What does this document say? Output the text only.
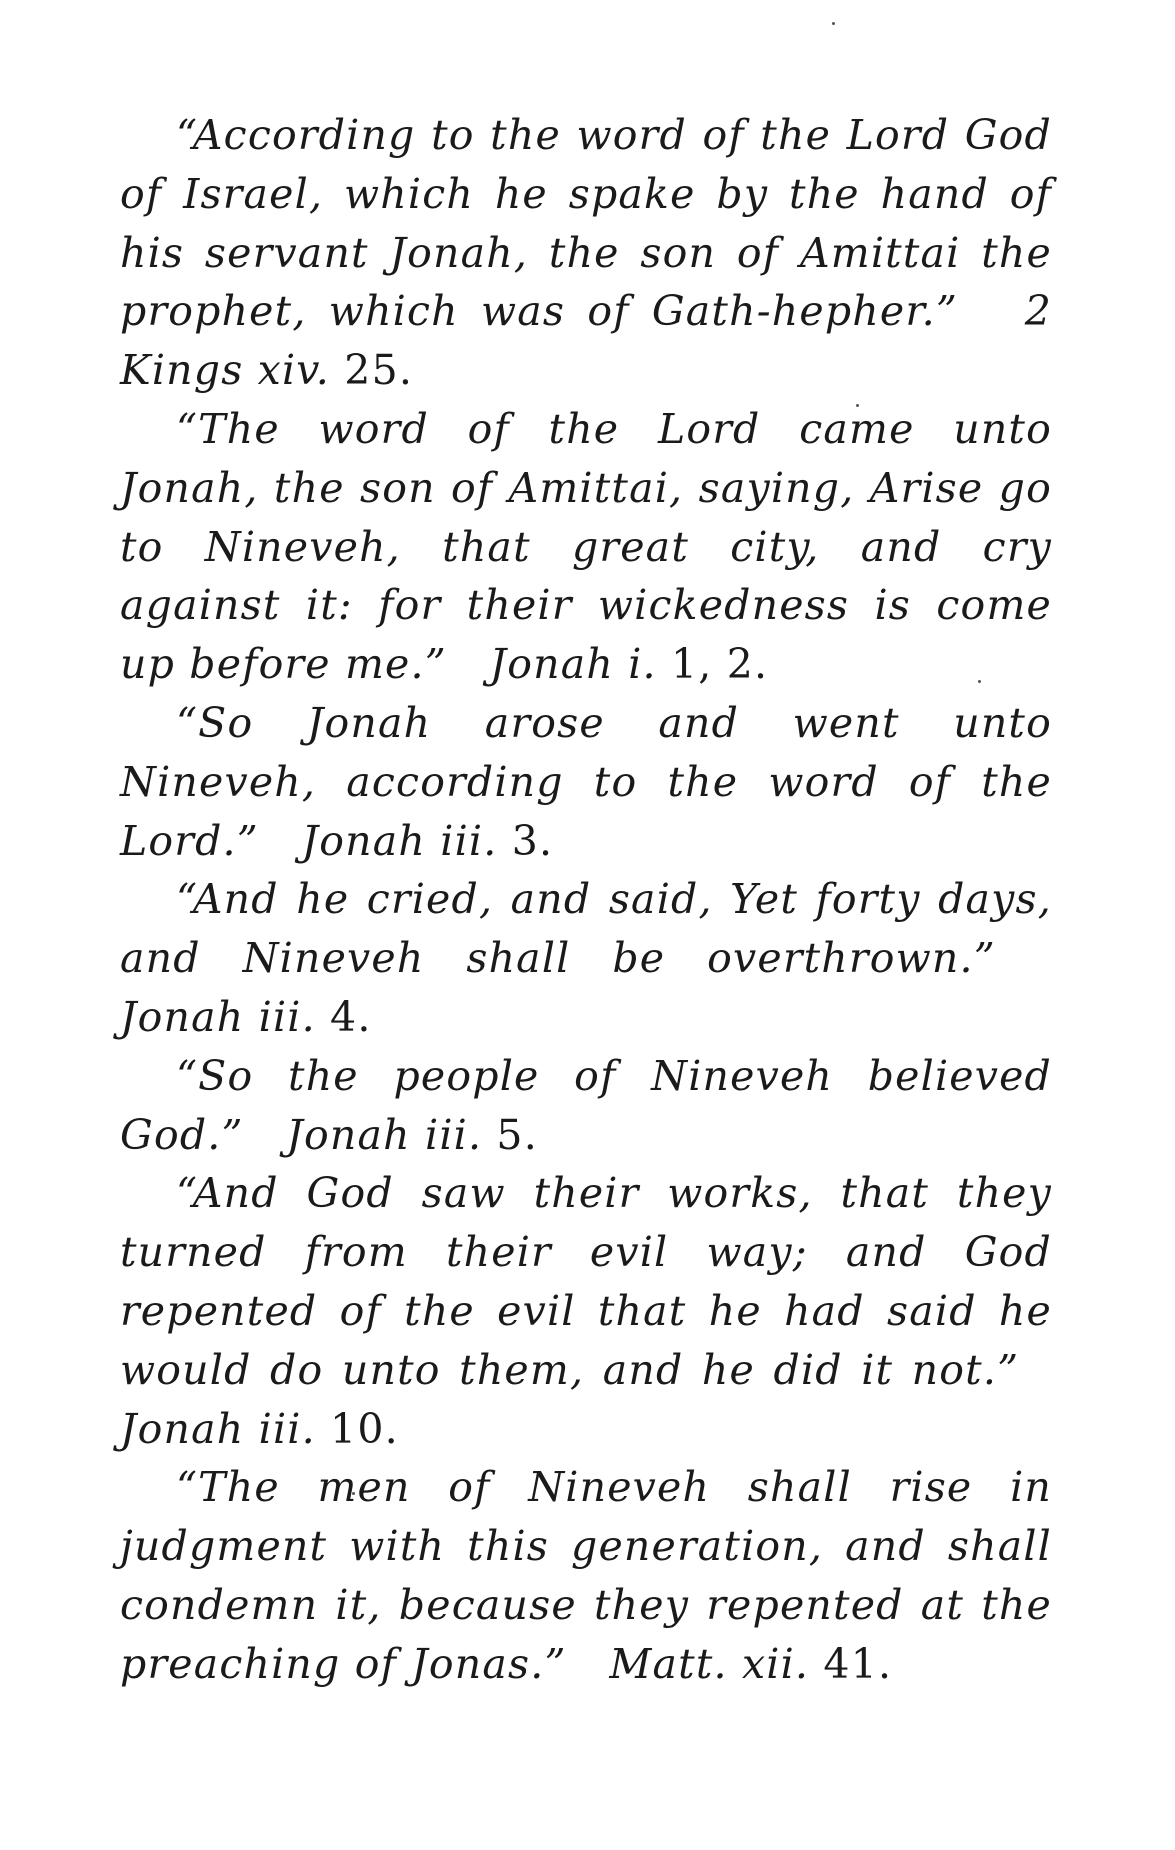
“According to the word of the Lord God of Israel, which he spake by the hand of his servant Jonah, the son of Amittai the prophet, which was of Gath-hepher.” 2 Kings xiv. 25.

“The word of the Lord came unto Jonah, the son of Amittai, saying, Arise go to Nineveh, that great city, and cry against it: for their wickedness is come up before me.” Jonah i. 1, 2.

“So Jonah arose and went unto Nineveh, according to the word of the Lord.” Jonah iii. 3.

“And he cried, and said, Yet forty days, and Nineveh shall be overthrown.”   Jonah iii. 4.

“So the people of Nineveh believed God.” Jonah iii. 5.

“And God saw their works, that they turned from their evil way; and God repented of the evil that he had said he would do unto them, and he did it not.”   Jonah iii. 10.

“The men of Nineveh shall rise in judgment with this generation, and shall condemn it, because they repented at the preaching of Jonas.” Matt. xii. 41.
